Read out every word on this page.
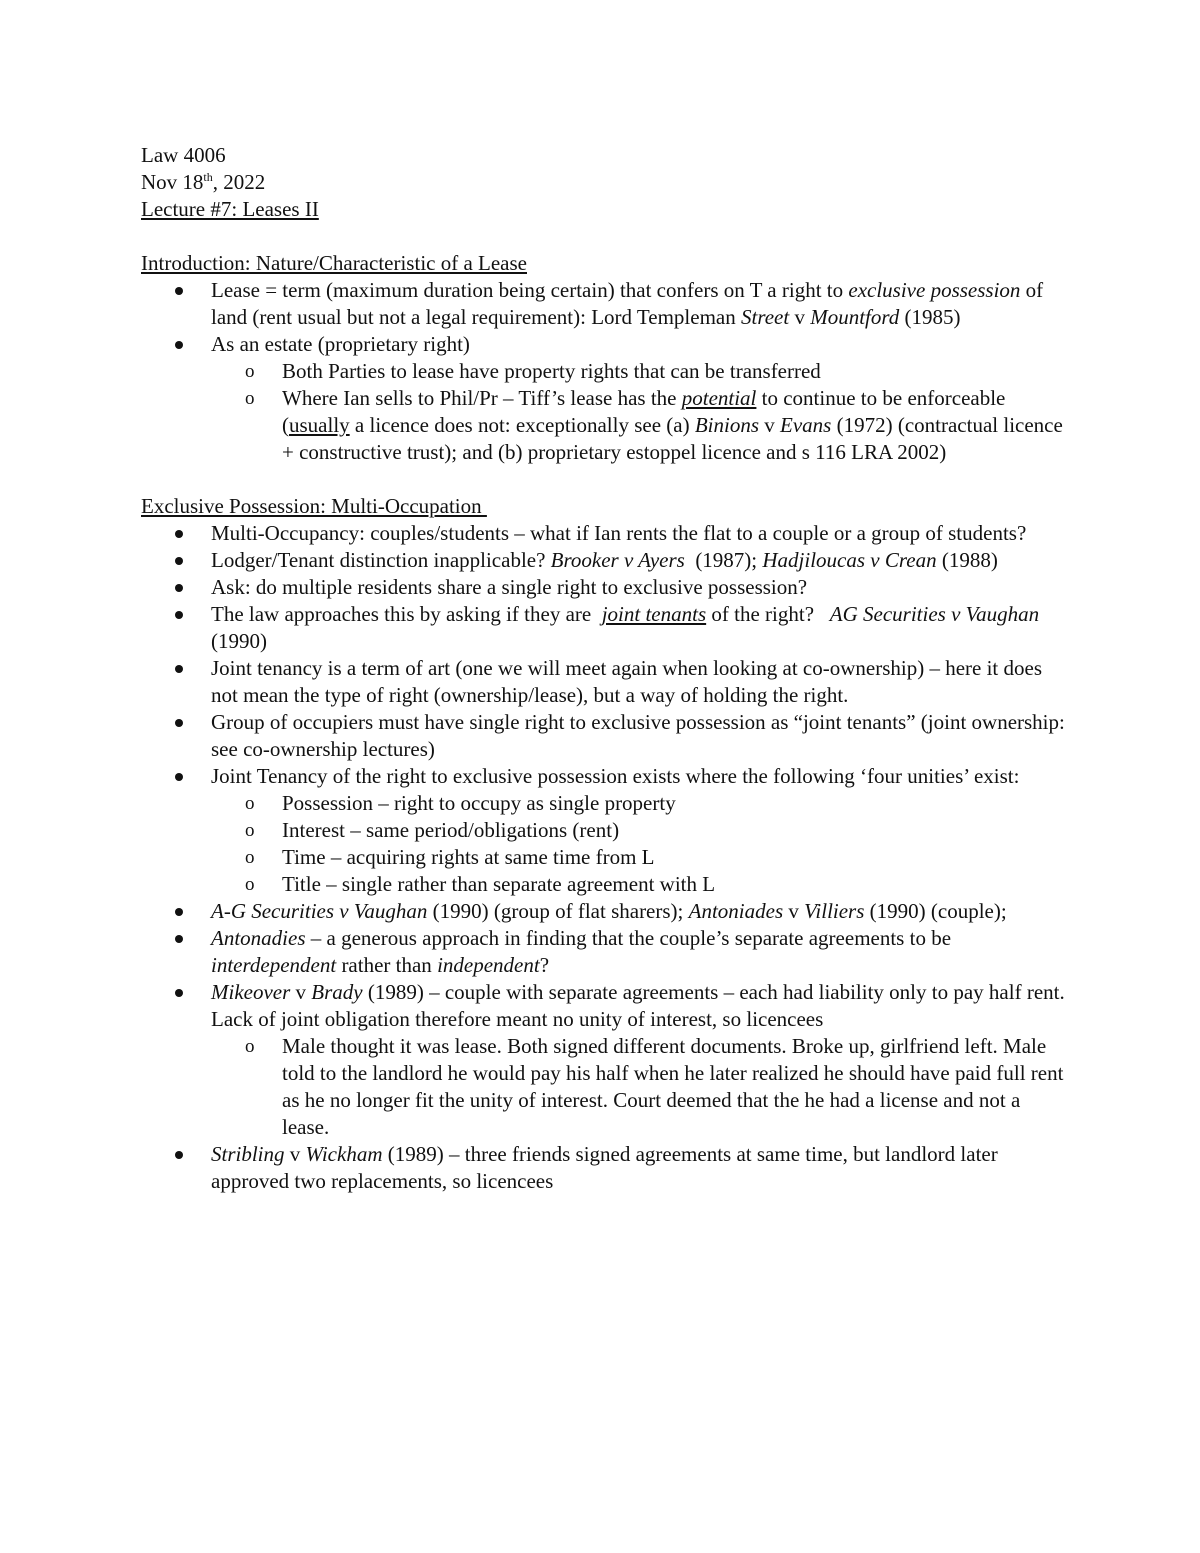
Law 4006
Nov 18th, 2022
Lecture #7: Leases II
Introduction: Nature/Characteristic of a Lease
Lease = term (maximum duration being certain) that confers on T a right to exclusive possession of land (rent usual but not a legal requirement): Lord Templeman Street v Mountford (1985)
As an estate (proprietary right)
o Both Parties to lease have property rights that can be transferred
o Where Ian sells to Phil/Pr – Tiff’s lease has the potential to continue to be enforceable (usually a licence does not: exceptionally see (a) Binions v Evans (1972) (contractual licence + constructive trust); and (b) proprietary estoppel licence and s 116 LRA 2002)
Exclusive Possession: Multi-Occupation
Multi-Occupancy: couples/students – what if Ian rents the flat to a couple or a group of students?
Lodger/Tenant distinction inapplicable? Brooker v Ayers  (1987); Hadjiloucas v Crean (1988)
Ask: do multiple residents share a single right to exclusive possession?
The law approaches this by asking if they are  joint tenants of the right?   AG Securities v Vaughan (1990)
Joint tenancy is a term of art (one we will meet again when looking at co-ownership) – here it does not mean the type of right (ownership/lease), but a way of holding the right.
Group of occupiers must have single right to exclusive possession as “joint tenants” (joint ownership: see co-ownership lectures)
Joint Tenancy of the right to exclusive possession exists where the following ‘four unities’ exist:
o Possession – right to occupy as single property
o Interest – same period/obligations (rent)
o Time – acquiring rights at same time from L
o Title – single rather than separate agreement with L
A-G Securities v Vaughan (1990) (group of flat sharers); Antoniades v Villiers (1990) (couple);
Antonadies – a generous approach in finding that the couple’s separate agreements to be interdependent rather than independent?
Mikeover v Brady (1989) – couple with separate agreements – each had liability only to pay half rent. Lack of joint obligation therefore meant no unity of interest, so licencees
o Male thought it was lease. Both signed different documents. Broke up, girlfriend left. Male told to the landlord he would pay his half when he later realized he should have paid full rent as he no longer fit the unity of interest. Court deemed that the he had a license and not a lease.
Stribling v Wickham (1989) – three friends signed agreements at same time, but landlord later approved two replacements, so licencees
